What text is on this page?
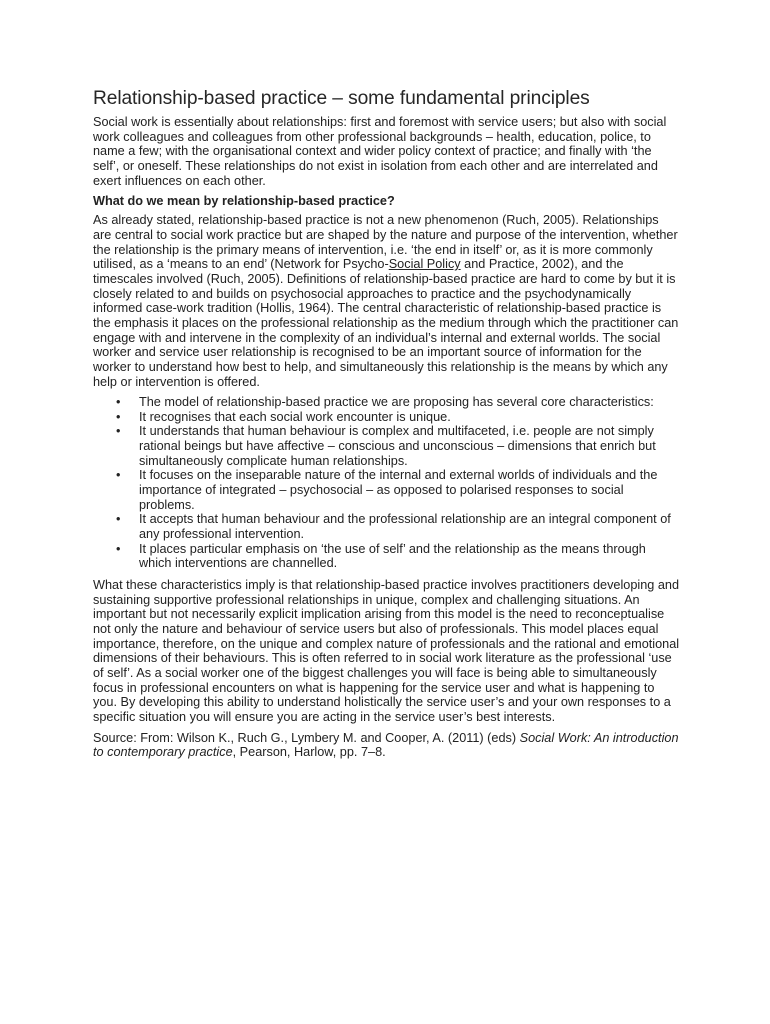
Relationship-based practice – some fundamental principles

Social work is essentially about relationships: first and foremost with service users; but also with social work colleagues and colleagues from other professional backgrounds – health, education, police, to name a few; with the organisational context and wider policy context of practice; and finally with ‘the self’, or oneself. These relationships do not exist in isolation from each other and are interrelated and exert influences on each other.

What do we mean by relationship-based practice?

As already stated, relationship-based practice is not a new phenomenon (Ruch, 2005). Relationships are central to social work practice but are shaped by the nature and purpose of the intervention, whether the relationship is the primary means of intervention, i.e. ‘the end in itself’ or, as it is more commonly utilised, as a ‘means to an end’ (Network for Psycho-Social Policy and Practice, 2002), and the timescales involved (Ruch, 2005). Definitions of relationship-based practice are hard to come by but it is closely related to and builds on psychosocial approaches to practice and the psychodynamically informed case-work tradition (Hollis, 1964). The central characteristic of relationship-based practice is the emphasis it places on the professional relationship as the medium through which the practitioner can engage with and intervene in the complexity of an individual’s internal and external worlds. The social worker and service user relationship is recognised to be an important source of information for the worker to understand how best to help, and simultaneously this relationship is the means by which any help or intervention is offered.

• The model of relationship-based practice we are proposing has several core characteristics:
• It recognises that each social work encounter is unique.
• It understands that human behaviour is complex and multifaceted, i.e. people are not simply rational beings but have affective – conscious and unconscious – dimensions that enrich but simultaneously complicate human relationships.
• It focuses on the inseparable nature of the internal and external worlds of individuals and the importance of integrated – psychosocial – as opposed to polarised responses to social problems.
• It accepts that human behaviour and the professional relationship are an integral component of any professional intervention.
• It places particular emphasis on ‘the use of self’ and the relationship as the means through which interventions are channelled.

What these characteristics imply is that relationship-based practice involves practitioners developing and sustaining supportive professional relationships in unique, complex and challenging situations. An important but not necessarily explicit implication arising from this model is the need to reconceptualise not only the nature and behaviour of service users but also of professionals. This model places equal importance, therefore, on the unique and complex nature of professionals and the rational and emotional dimensions of their behaviours. This is often referred to in social work literature as the professional ‘use of self’. As a social worker one of the biggest challenges you will face is being able to simultaneously focus in professional encounters on what is happening for the service user and what is happening to you. By developing this ability to understand holistically the service user’s and your own responses to a specific situation you will ensure you are acting in the service user’s best interests.

Source: From: Wilson K., Ruch G., Lymbery M. and Cooper, A. (2011) (eds) Social Work: An introduction to contemporary practice, Pearson, Harlow, pp. 7–8.
